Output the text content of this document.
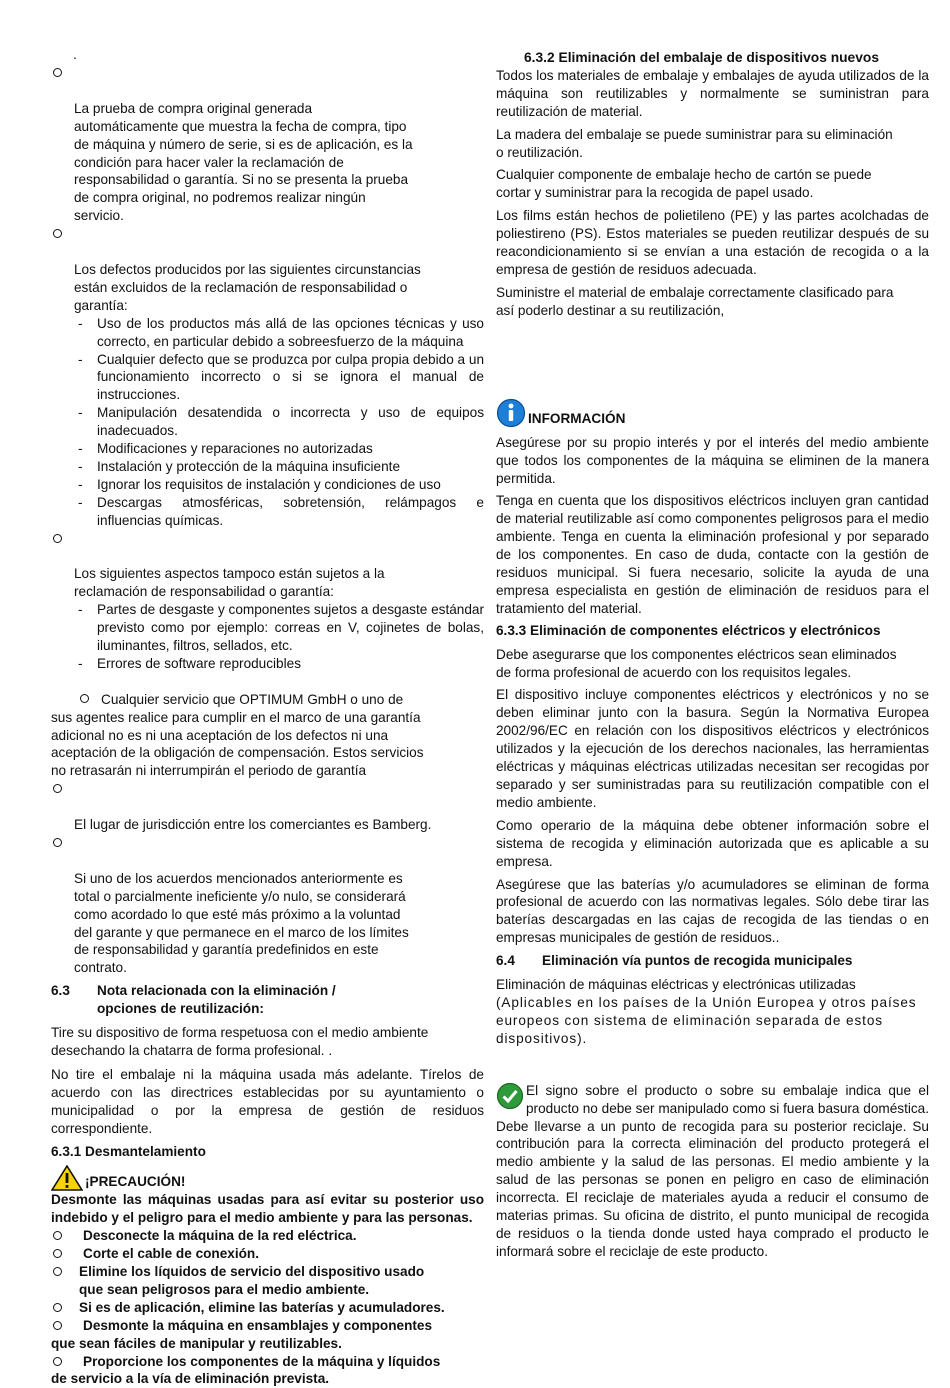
.

La prueba de compra original generada
automáticamente que muestra la fecha de compra, tipo
de máquina y número de serie, si es de aplicación, es la
condición para hacer valer la reclamación de
responsabilidad o garantía. Si no se presenta la prueba
de compra original, no podremos realizar ningún
servicio.

Los defectos producidos por las siguientes circunstancias
están excluidos de la reclamación de responsabilidad o
garantía:

- Uso de los productos más allá de las opciones técnicas y uso correcto, en particular debido a sobreesfuerzo de la máquina
- Cualquier defecto que se produzca por culpa propia debido a un funcionamiento incorrecto o si se ignora el manual de instrucciones.
- Manipulación desatendida o incorrecta y uso de equipos inadecuados.
- Modificaciones y reparaciones no autorizadas
- Instalación y protección de la máquina insuficiente
- Ignorar los requisitos de instalación y condiciones de uso
- Descargas atmosféricas, sobretensión, relámpagos e influencias químicas.

Los siguientes aspectos tampoco están sujetos a la
reclamación de responsabilidad o garantía:

- Partes de desgaste y componentes sujetos a desgaste estándar previsto como por ejemplo: correas en V, cojinetes de bolas, iluminantes, filtros, sellados, etc.
- Errores de software reproducibles

Cualquier servicio que OPTIMUM GmbH o uno de
sus agentes realice para cumplir en el marco de una garantía
adicional no es ni una aceptación de los defectos ni una
aceptación de la obligación de compensación. Estos servicios
no retrasarán ni interrumpirán el periodo de garantía

El lugar de jurisdicción entre los comerciantes es Bamberg.

Si uno de los acuerdos mencionados anteriormente es
total o parcialmente ineficiente y/o nulo, se considerará
como acordado lo que esté más próximo a la voluntad
del garante y que permanece en el marco de los límites
de responsabilidad y garantía predefinidos en este
contrato.

6.3	Nota relacionada con la eliminación /
opciones de reutilización:

Tire su dispositivo de forma respetuosa con el medio ambiente
desechando la chatarra de forma profesional. .

No tire el embalaje ni la máquina usada más adelante. Tírelos de acuerdo con las directrices establecidas por su ayuntamiento o municipalidad o por la empresa de gestión de residuos correspondiente.

6.3.1 Desmantelamiento

¡PRECAUCIÓN!

Desmonte las máquinas usadas para así evitar su posterior uso indebido y el peligro para el medio ambiente y para las personas.

Desconecte la máquina de la red eléctrica.
Corte el cable de conexión.
Elimine los líquidos de servicio del dispositivo usado
que sean peligrosos para el medio ambiente.
Si es de aplicación, elimine las baterías y acumuladores.
Desmonte la máquina en ensamblajes y componentes

que sean fáciles de manipular y reutilizables.

Proporcione los componentes de la máquina y líquidos

de servicio a la vía de eliminación prevista.

6.3.2 Eliminación del embalaje de dispositivos nuevos

Todos los materiales de embalaje y embalajes de ayuda utilizados de la máquina son reutilizables y normalmente se suministran para reutilización de material.

La madera del embalaje se puede suministrar para su eliminación
o reutilización.

Cualquier componente de embalaje hecho de cartón se puede
cortar y suministrar para la recogida de papel usado.

Los films están hechos de polietileno (PE) y las partes acolchadas de poliestireno (PS). Estos materiales se pueden reutilizar después de su reacondicionamiento si se envían a una estación de recogida o a la empresa de gestión de residuos adecuada.

Suministre el material de embalaje correctamente clasificado para
así poderlo destinar a su reutilización,

INFORMACIÓN

Asegúrese por su propio interés y por el interés del medio ambiente que todos los componentes de la máquina se eliminen de la manera permitida.

Tenga en cuenta que los dispositivos eléctricos incluyen gran cantidad de material reutilizable así como componentes peligrosos para el medio ambiente. Tenga en cuenta la eliminación profesional y por separado de los componentes. En caso de duda, contacte con la gestión de residuos municipal. Si fuera necesario, solicite la ayuda de una empresa especialista en gestión de eliminación de residuos para el tratamiento del material.

6.3.3 Eliminación de componentes eléctricos y electrónicos

Debe asegurarse que los componentes eléctricos sean eliminados
de forma profesional de acuerdo con los requisitos legales.

El dispositivo incluye componentes eléctricos y electrónicos y no se deben eliminar junto con la basura. Según la Normativa Europea 2002/96/EC en relación con los dispositivos eléctricos y electrónicos utilizados y la ejecución de los derechos nacionales, las herramientas eléctricas y máquinas eléctricas utilizadas necesitan ser recogidas por separado y ser suministradas para su reutilización compatible con el medio ambiente.

Como operario de la máquina debe obtener información sobre el sistema de recogida y eliminación autorizada que es aplicable a su empresa.

Asegúrese que las baterías y/o acumuladores se eliminan de forma profesional de acuerdo con las normativas legales. Sólo debe tirar las baterías descargadas en las cajas de recogida de las tiendas o en empresas municipales de gestión de residuos..

6.4	Eliminación vía puntos de recogida municipales

Eliminación de máquinas eléctricas y electrónicas utilizadas

(Aplicables en los países de la Unión Europea y otros países europeos con sistema de eliminación separada de estos dispositivos).

El signo sobre el producto o sobre su embalaje indica que el producto no debe ser manipulado como si fuera basura doméstica. Debe llevarse a un punto de recogida para su posterior reciclaje. Su contribución para la correcta eliminación del producto protegerá el medio ambiente y la salud de las personas. El medio ambiente y la salud de las personas se ponen en peligro en caso de eliminación incorrecta. El reciclaje de materiales ayuda a reducir el consumo de materias primas. Su oficina de distrito, el punto municipal de recogida de residuos o la tienda donde usted haya comprado el producto le informará sobre el reciclaje de este producto.
